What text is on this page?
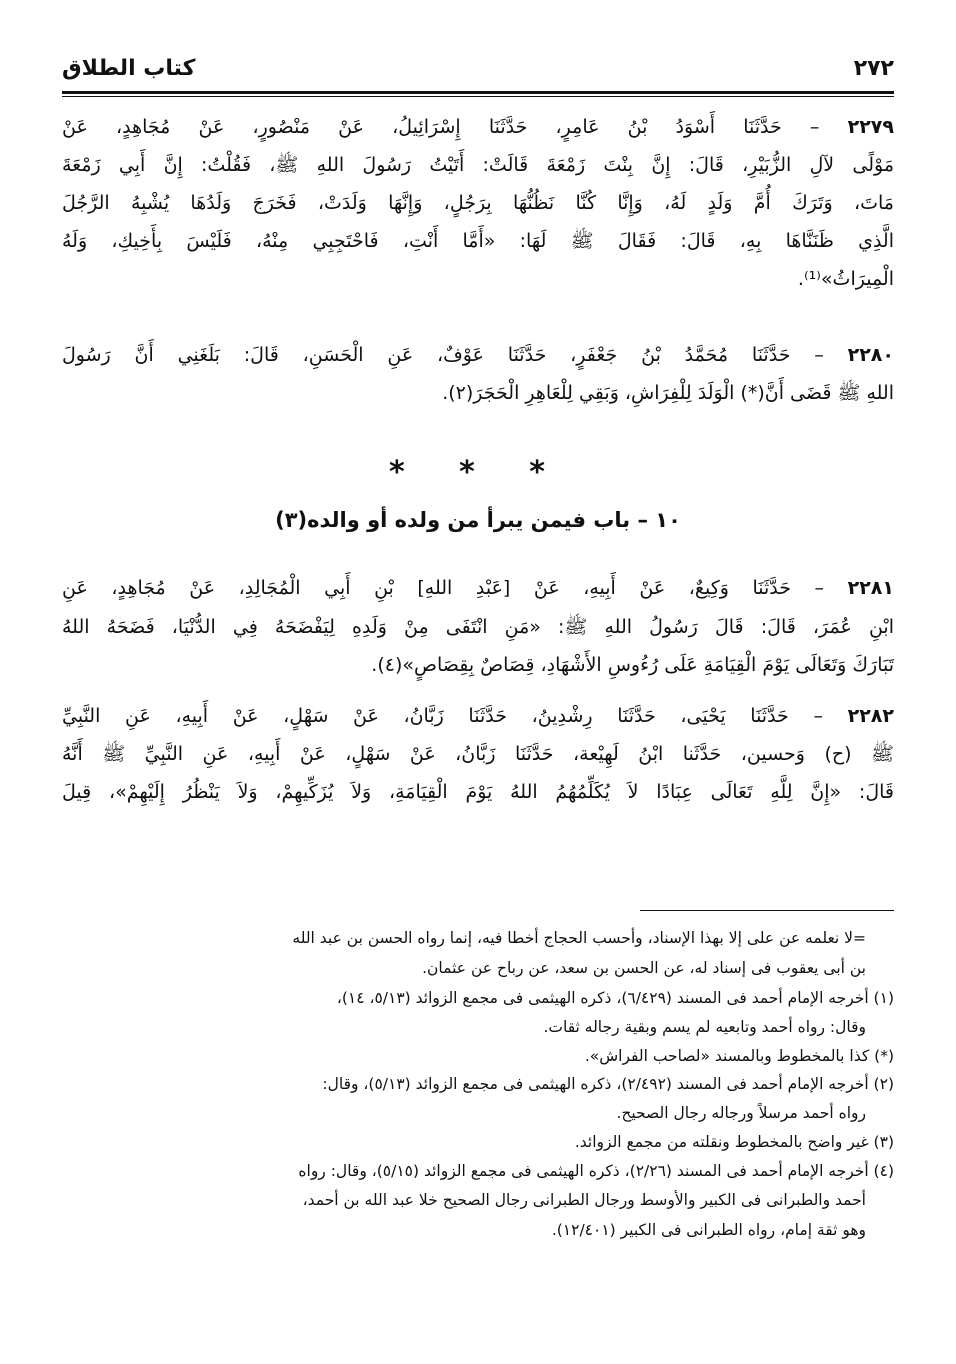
كتاب الطلاق	٢٧٢
٢٢٧٩ – حَدَّثَنَا أَسْوَدُ بْنُ عَامِرٍ، حَدَّثَنَا إِسْرَائِيلُ، عَنْ مَنْصُورٍ، عَنْ مُجَاهِدٍ، عَنْ
مَوْلًى لآلِ الزُّبَيْرِ، قَالَ: إِنَّ بِنْتَ زَمْعَةَ قَالَتْ: أَتَيْتُ رَسُولَ اللهِ ﷺ، فَقُلْتُ: إِنَّ أَبِي زَمْعَةَ
مَاتَ، وَتَرَكَ أُمَّ وَلَدٍ لَهُ، وَإِنَّا كُنَّا نَظُنُّهَا بِرَجُلٍ، وَإِنَّهَا وَلَدَتْ، فَخَرَجَ وَلَدُهَا يُشْبِهُ الرَّجُلَ
الَّذِي ظَنَنَّاهَا بِهِ، قَالَ: فَقَالَ ﷺ لَهَا: «أَمَّا أَنْتِ، فَاحْتَجِبِي مِنْهُ، فَلَيْسَ بِأَخِيكِ، وَلَهُ
الْمِيرَاثُ»⁽¹⁾.
٢٢٨٠ – حَدَّثَنَا مُحَمَّدُ بْنُ جَعْفَرٍ، حَدَّثَنَا عَوْفٌ، عَنِ الْحَسَنِ، قَالَ: بَلَغَنِي أَنَّ رَسُولَ
اللهِ ﷺ قَضَى أَنَّ(*) الْوَلَدَ لِلْفِرَاشِ، وَبَقِي لِلْعَاهِرِ الْحَجَرَ(٢).
* * *
١٠ – باب فيمن يبرأ من ولده أو والده(٣)
٢٢٨١ – حَدَّثَنَا وَكِيعٌ، عَنْ أَبِيهِ، عَنْ [عَبْدِ اللهِ] بْنِ أَبِي الْمُجَالِدِ، عَنْ مُجَاهِدٍ، عَنِ
ابْنِ عُمَرَ، قَالَ: قَالَ رَسُولُ اللهِ ﷺ: «مَنِ انْتَفَى مِنْ وَلَدِهِ لِيَفْضَحَهُ فِي الدُّنْيَا، فَضَحَهُ اللهُ
تَبَارَكَ وَتَعَالَى يَوْمَ الْقِيَامَةِ عَلَى رُءُوسِ الأَشْهَادِ، قِصَاصٌ بِقِصَاصٍ»(٤).
٢٢٨٢ – حَدَّثَنَا يَحْيَى، حَدَّثَنَا رِشْدِينُ، حَدَّثَنَا زَبَّانُ، عَنْ سَهْلٍ، عَنْ أَبِيهِ، عَنِ النَّبِيِّ
ﷺ (ح) وَحسين، حَدَّثَنا ابْنُ لَهِيْعة، حَدَّثَنَا زَبَّانُ، عَنْ سَهْلٍ، عَنْ أَبِيهِ، عَنِ النَّبِيِّ ﷺ أَنَّهُ
قَالَ: «إِنَّ لِلَّهِ تَعَالَى عِبَادًا لاَ يُكَلِّمُهُمُ اللهُ يَوْمَ الْقِيَامَةِ، وَلاَ يُزَكِّيهِمْ، وَلاَ يَنْظُرُ إِلَيْهِمْ»، قِيلَ
=لا نعلمه عن على إلا بهذا الإسناد، وأحسب الحجاج أخطا فيه، إنما رواه الحسن بن عبد الله
بن أبى يعقوب فى إسناد له، عن الحسن بن سعد، عن رباح عن عثمان.
(١) أخرجه الإمام أحمد فى المسند (٦/٤٢٩)، ذكره الهيثمى فى مجمع الزوائد (٥/١٣، ١٤)،
وقال: رواه أحمد وتابعيه لم يسم وبقية رجاله ثقات.
(*) كذا بالمخطوط وبالمسند «لصاحب الفراش».
(٢) أخرجه الإمام أحمد فى المسند (٢/٤٩٢)، ذكره الهيثمى فى مجمع الزوائد (٥/١٣)، وقال:
رواه أحمد مرسلاً ورجاله رجال الصحيح.
(٣) غير واضح بالمخطوط ونقلته من مجمع الزوائد.
(٤) أخرجه الإمام أحمد فى المسند (٢/٢٦)، ذكره الهيثمى فى مجمع الزوائد (٥/١٥)، وقال: رواه
أحمد والطبرانى فى الكبير والأوسط ورجال الطبرانى رجال الصحيح خلا عبد الله بن أحمد،
وهو ثقة إمام، رواه الطبرانى فى الكبير (١٢/٤٠١).
